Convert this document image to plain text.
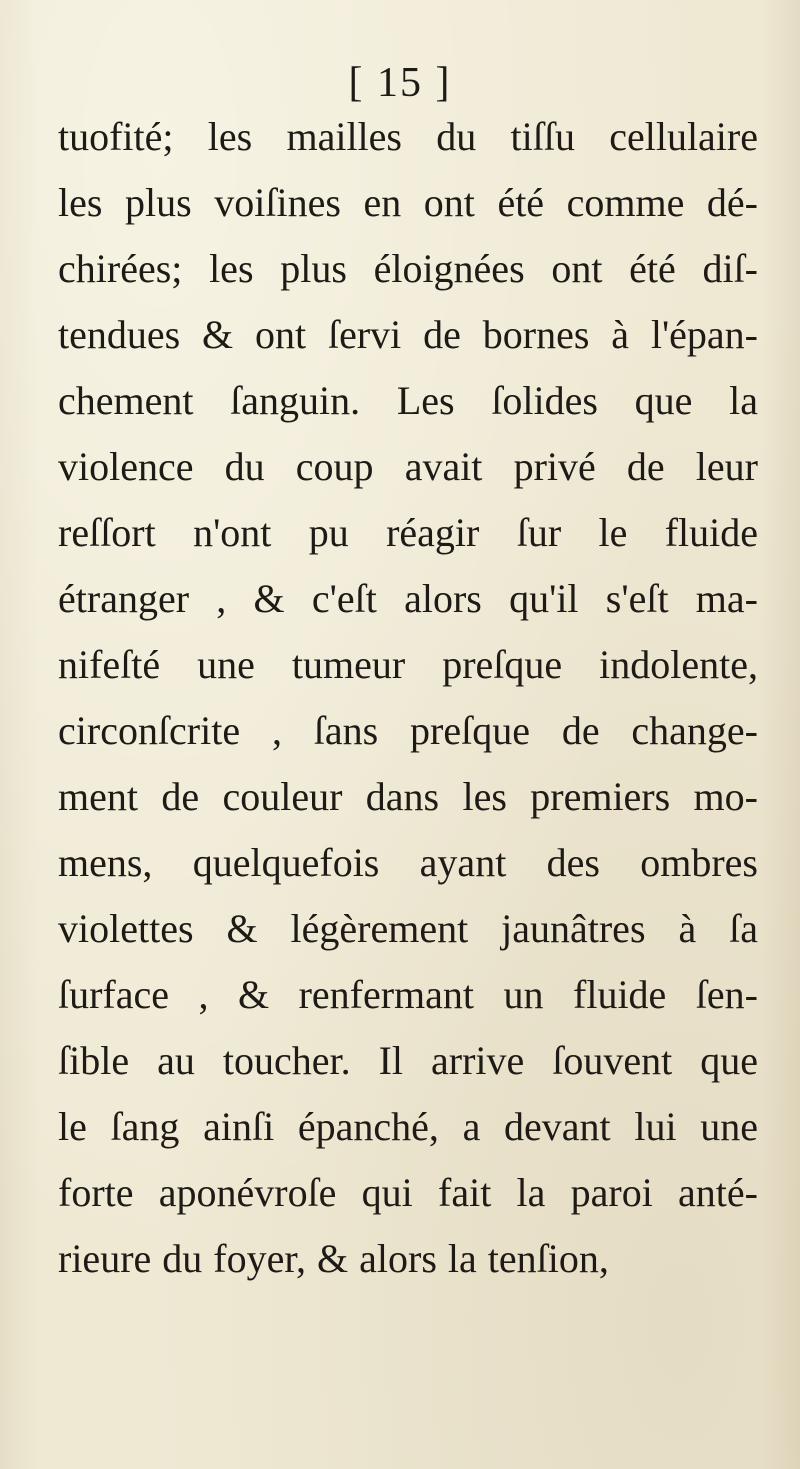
[ 15 ]
tuofité; les mailles du tiſſu cellulaire
les plus voiſines en ont été comme dé-
chirées; les plus éloignées ont été diſ-
tendues & ont ſervi de bornes à l'épan-
chement ſanguin. Les ſolides que la
violence du coup avait privé de leur
reſſort n'ont pu réagir ſur le fluide
étranger , & c'eſt alors qu'il s'eſt ma-
nifeſté une tumeur preſque indolente,
circonſcrite , ſans preſque de change-
ment de couleur dans les premiers mo-
mens, quelquefois ayant des ombres
violettes & légèrement jaunâtres à ſa
ſurface , & renfermant un fluide ſen-
ſible au toucher. Il arrive ſouvent que
le ſang ainſi épanché, a devant lui une
forte aponévroſe qui fait la paroi anté-
rieure du foyer, & alors la tenſion,
